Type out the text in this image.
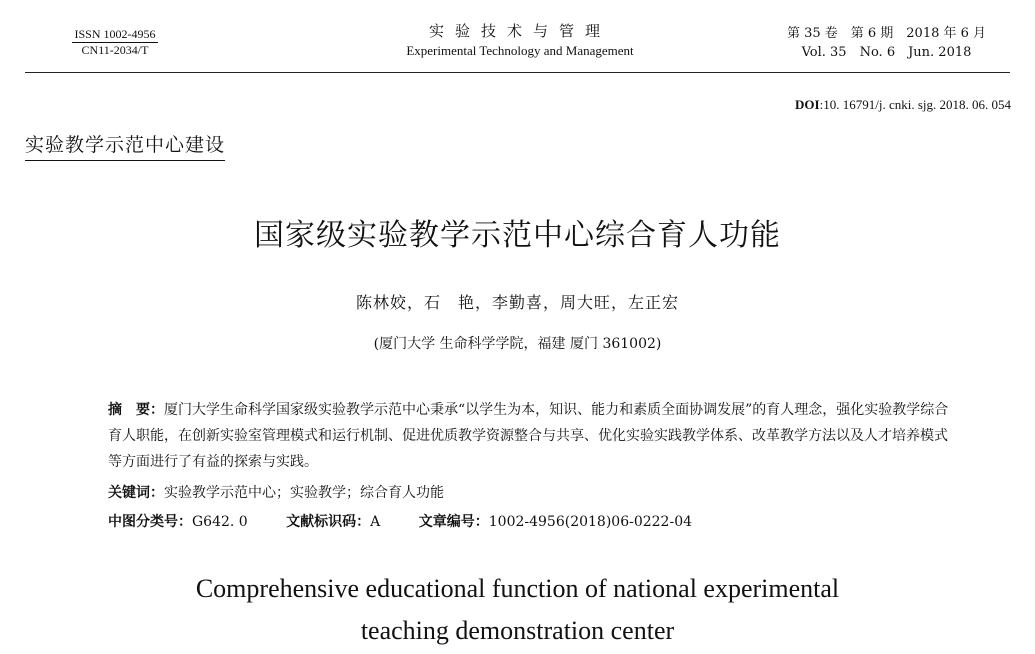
ISSN 1002-4956
CN11-2034/T
实验技术与管理
Experimental Technology and Management
第 35 卷　第 6 期　2018 年 6 月
Vol. 35　No. 6　Jun. 2018
DOI:10. 16791/j. cnki. sjg. 2018. 06. 054
实验教学示范中心建设
国家级实验教学示范中心综合育人功能
陈林姣，石　艳，李勤喜，周大旺，左正宏
(厦门大学 生命科学学院，福建 厦门 361002)
摘　要：厦门大学生命科学国家级实验教学示范中心秉承“以学生为本，知识、能力和素质全面协调发展”的育人理念，强化实验教学综合育人职能，在创新实验室管理模式和运行机制、促进优质教学资源整合与共享、优化实验实践教学体系、改革教学方法以及人才培养模式等方面进行了有益的探索与实践。
关键词：实验教学示范中心；实验教学；综合育人功能
中图分类号：G642. 0	文献标识码：A	文章编号：1002-4956(2018)06-0222-04
Comprehensive educational function of national experimental
teaching demonstration center
